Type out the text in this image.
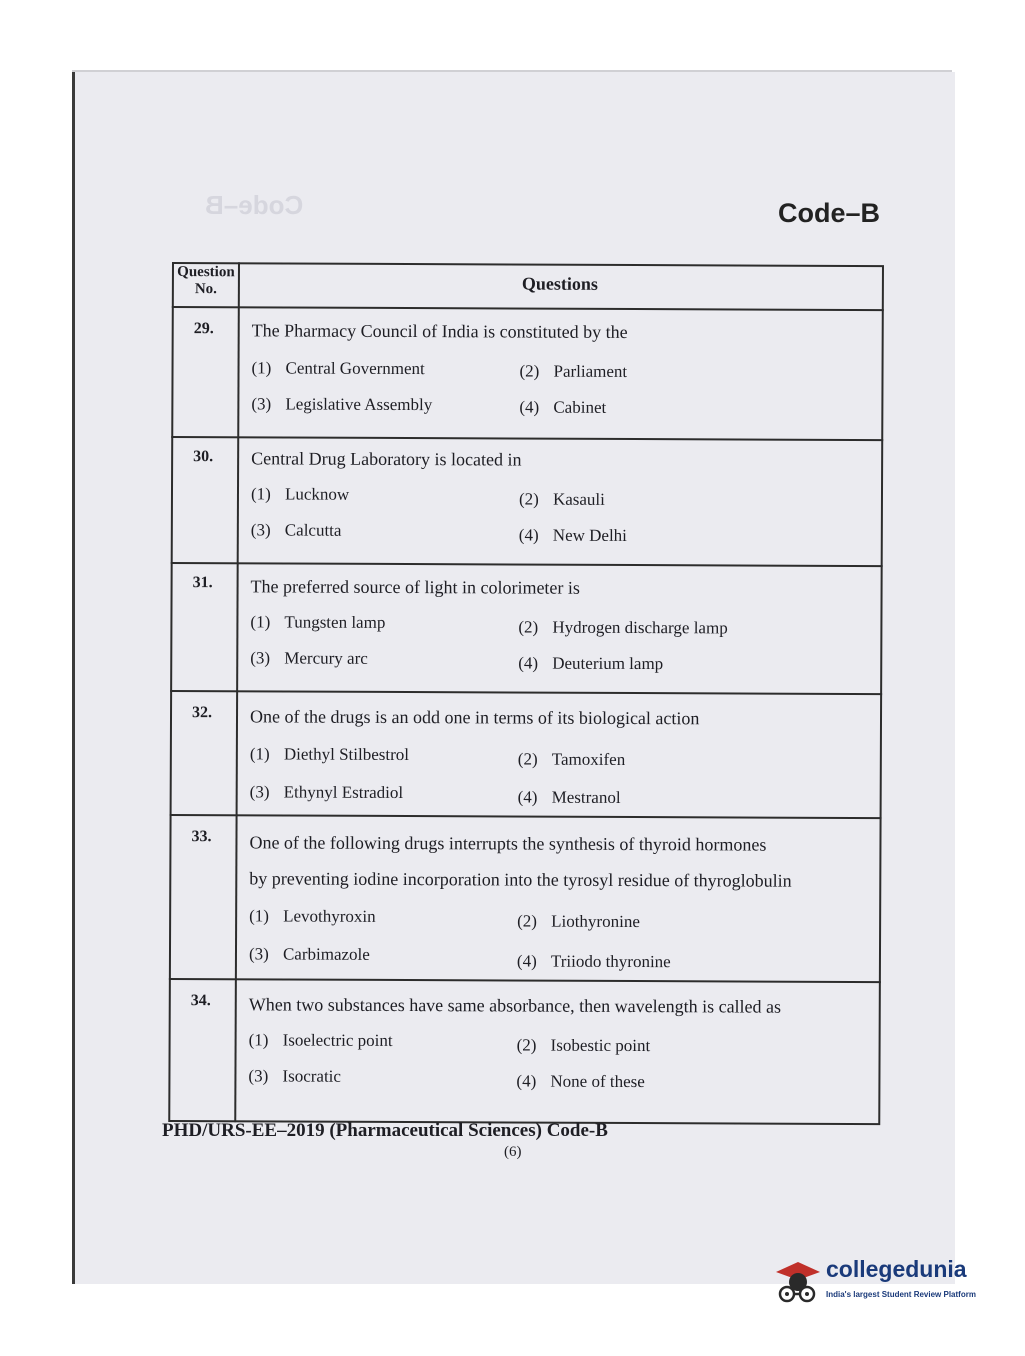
Code–B	Code–B
Question No.	Questions
29. The Pharmacy Council of India is constituted by the
(1) Central Government	(2) Parliament
(3) Legislative Assembly	(4) Cabinet
30. Central Drug Laboratory is located in
(1) Lucknow	(2) Kasauli
(3) Calcutta	(4) New Delhi
31. The preferred source of light in colorimeter is
(1) Tungsten lamp	(2) Hydrogen discharge lamp
(3) Mercury arc	(4) Deuterium lamp
32. One of the drugs is an odd one in terms of its biological action
(1) Diethyl Stilbestrol	(2) Tamoxifen
(3) Ethynyl Estradiol	(4) Mestranol
33. One of the following drugs interrupts the synthesis of thyroid hormones
by preventing iodine incorporation into the tyrosyl residue of thyroglobulin
(1) Levothyroxin	(2) Liothyronine
(3) Carbimazole	(4) Triiodo thyronine
34. When two substances have same absorbance, then wavelength is called as
(1) Isoelectric point	(2) Isobestic point
(3) Isocratic	(4) None of these
PHD/URS-EE–2019 (Pharmaceutical Sciences) Code-B
(6)
collegedunia
India's largest Student Review Platform
